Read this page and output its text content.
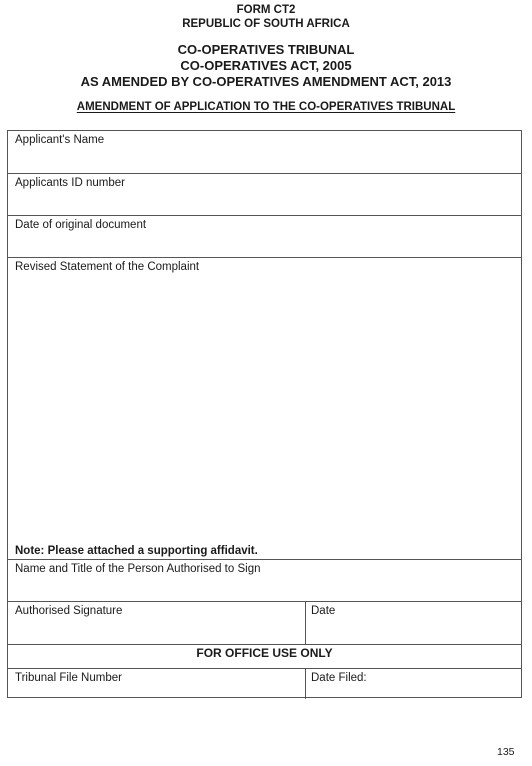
FORM CT2
REPUBLIC OF SOUTH AFRICA
CO-OPERATIVES TRIBUNAL
CO-OPERATIVES ACT, 2005
AS AMENDED BY CO-OPERATIVES AMENDMENT ACT, 2013
AMENDMENT OF APPLICATION TO THE CO-OPERATIVES TRIBUNAL
Applicant's Name
Applicants ID number
Date of original document
Revised Statement of the Complaint
Note: Please attached a supporting affidavit.
Name and Title of the Person Authorised to Sign
Authorised Signature	Date
FOR OFFICE USE ONLY
Tribunal File Number	Date Filed:
135
